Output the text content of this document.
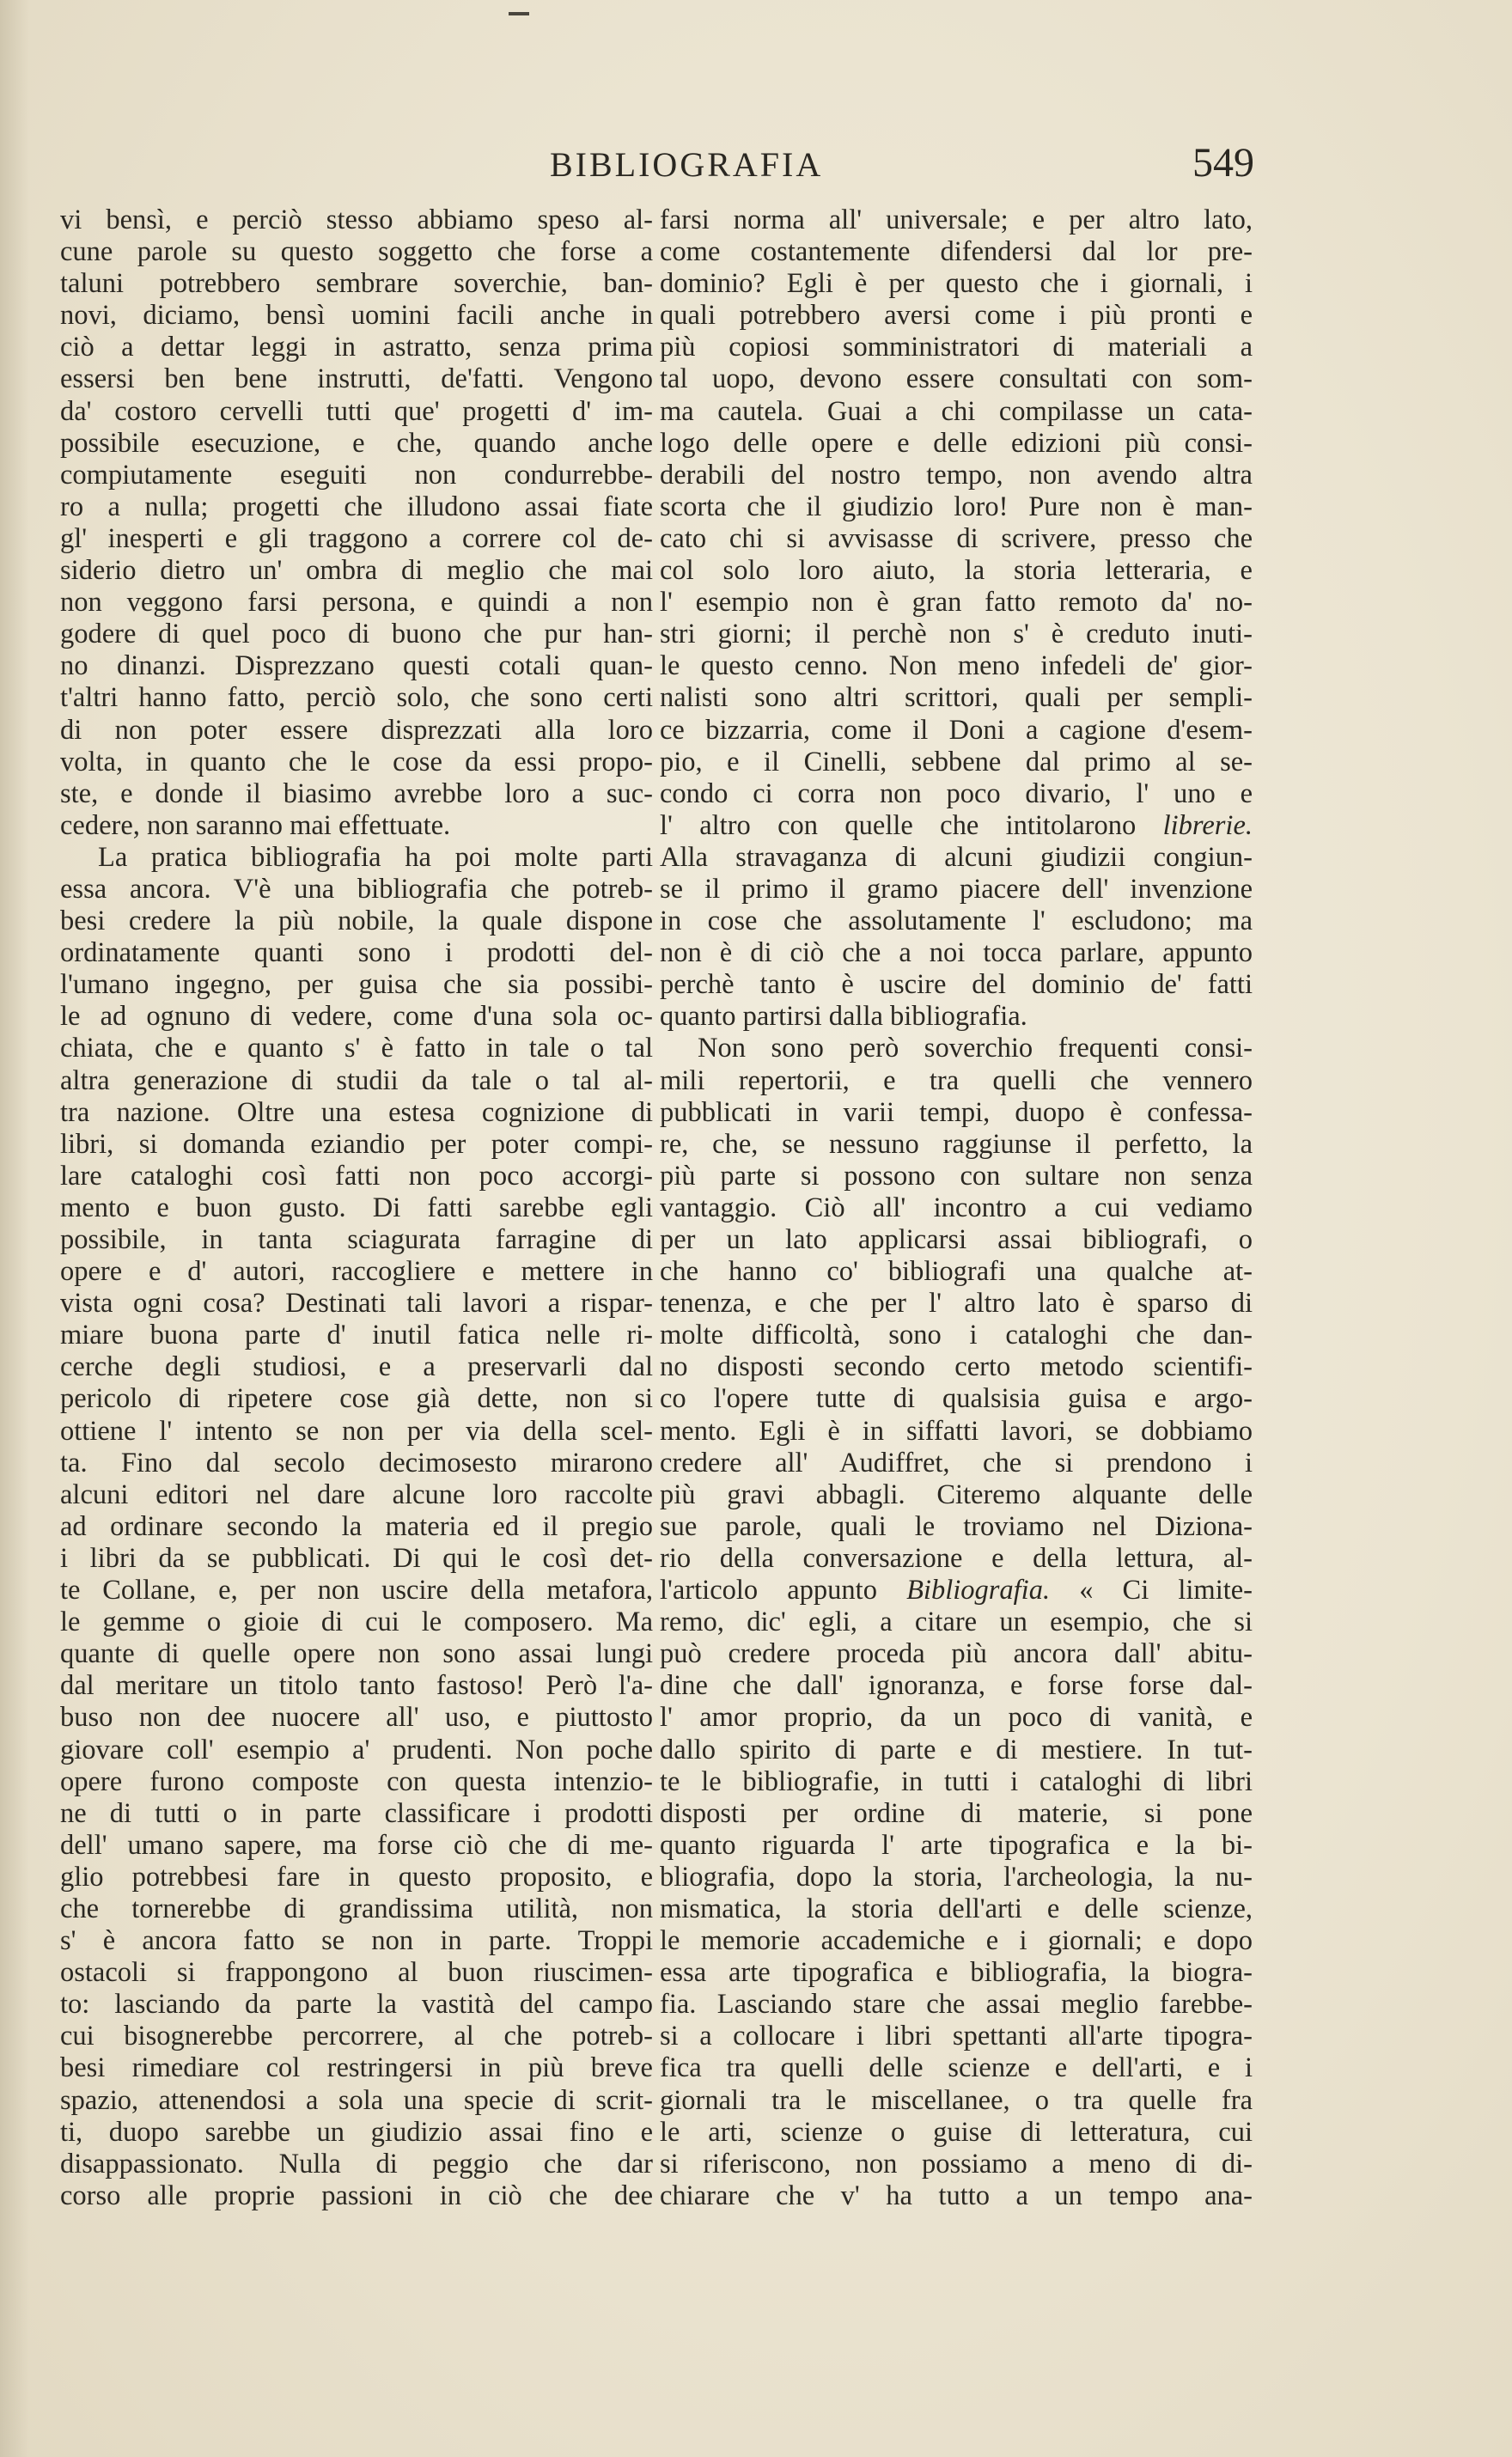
BIBLIOGRAFIA	549
vi bensì, e perciò stesso abbiamo speso al-
cune parole su questo soggetto che forse a
taluni potrebbero sembrare soverchie, ban-
novi, diciamo, bensì uomini facili anche in
ciò a dettar leggi in astratto, senza prima
essersi ben bene instrutti, de'fatti. Vengono
da' costoro cervelli tutti que' progetti d' im-
possibile esecuzione, e che, quando anche
compiutamente eseguiti non condurrebbe-
ro a nulla; progetti che illudono assai fiate
gl' inesperti e gli traggono a correre col de-
siderio dietro un' ombra di meglio che mai
non veggono farsi persona, e quindi a non
godere di quel poco di buono che pur han-
no dinanzi. Disprezzano questi cotali quan-
t'altri hanno fatto, perciò solo, che sono certi
di non poter essere disprezzati alla loro
volta, in quanto che le cose da essi propo-
ste, e donde il biasimo avrebbe loro a suc-
cedere, non saranno mai effettuate.
La pratica bibliografia ha poi molte parti
essa ancora. V'è una bibliografia che potreb-
besi credere la più nobile, la quale dispone
ordinatamente quanti sono i prodotti del-
l'umano ingegno, per guisa che sia possibi-
le ad ognuno di vedere, come d'una sola oc-
chiata, che e quanto s' è fatto in tale o tal
altra generazione di studii da tale o tal al-
tra nazione. Oltre una estesa cognizione di
libri, si domanda eziandio per poter compi-
lare cataloghi così fatti non poco accorgi-
mento e buon gusto. Di fatti sarebbe egli
possibile, in tanta sciagurata farragine di
opere e d' autori, raccogliere e mettere in
vista ogni cosa? Destinati tali lavori a rispar-
miare buona parte d' inutil fatica nelle ri-
cerche degli studiosi, e a preservarli dal
pericolo di ripetere cose già dette, non si
ottiene l' intento se non per via della scel-
ta. Fino dal secolo decimosesto mirarono
alcuni editori nel dare alcune loro raccolte
ad ordinare secondo la materia ed il pregio
i libri da se pubblicati. Di qui le così det-
te Collane, e, per non uscire della metafora,
le gemme o gioie di cui le composero. Ma
quante di quelle opere non sono assai lungi
dal meritare un titolo tanto fastoso! Però l'a-
buso non dee nuocere all' uso, e piuttosto
giovare coll' esempio a' prudenti. Non poche
opere furono composte con questa intenzio-
ne di tutti o in parte classificare i prodotti
dell' umano sapere, ma forse ciò che di me-
glio potrebbesi fare in questo proposito, e
che tornerebbe di grandissima utilità, non
s' è ancora fatto se non in parte. Troppi
ostacoli si frappongono al buon riuscimen-
to: lasciando da parte la vastità del campo
cui bisognerebbe percorrere, al che potreb-
besi rimediare col restringersi in più breve
spazio, attenendosi a sola una specie di scrit-
ti, duopo sarebbe un giudizio assai fino e
disappassionato. Nulla di peggio che dar
corso alle proprie passioni in ciò che dee
farsi norma all' universale; e per altro lato,
come costantemente difendersi dal lor pre-
dominio? Egli è per questo che i giornali, i
quali potrebbero aversi come i più pronti e
più copiosi somministratori di materiali a
tal uopo, devono essere consultati con som-
ma cautela. Guai a chi compilasse un cata-
logo delle opere e delle edizioni più consi-
derabili del nostro tempo, non avendo altra
scorta che il giudizio loro! Pure non è man-
cato chi si avvisasse di scrivere, presso che
col solo loro aiuto, la storia letteraria, e
l' esempio non è gran fatto remoto da' no-
stri giorni; il perchè non s' è creduto inuti-
le questo cenno. Non meno infedeli de' gior-
nalisti sono altri scrittori, quali per sempli-
ce bizzarria, come il Doni a cagione d'esem-
pio, e il Cinelli, sebbene dal primo al se-
condo ci corra non poco divario, l' uno e
l' altro con quelle che intitolarono librerie.
Alla stravaganza di alcuni giudizii congiun-
se il primo il gramo piacere dell' invenzione
in cose che assolutamente l' escludono; ma
non è di ciò che a noi tocca parlare, appunto
perchè tanto è uscire del dominio de' fatti
quanto partirsi dalla bibliografia.
Non sono però soverchio frequenti consi-
mili repertorii, e tra quelli che vennero
pubblicati in varii tempi, duopo è confessa-
re, che, se nessuno raggiunse il perfetto, la
più parte si possono con sultare non senza
vantaggio. Ciò all' incontro a cui vediamo
per un lato applicarsi assai bibliografi, o
che hanno co' bibliografi una qualche at-
tenenza, e che per l' altro lato è sparso di
molte difficoltà, sono i cataloghi che dan-
no disposti secondo certo metodo scientifi-
co l'opere tutte di qualsisia guisa e argo-
mento. Egli è in siffatti lavori, se dobbiamo
credere all' Audiffret, che si prendono i
più gravi abbagli. Citeremo alquante delle
sue parole, quali le troviamo nel Diziona-
rio della conversazione e della lettura, al-
l'articolo appunto Bibliografia. « Ci limite-
remo, dic' egli, a citare un esempio, che si
può credere proceda più ancora dall' abitu-
dine che dall' ignoranza, e forse forse dal-
l' amor proprio, da un poco di vanità, e
dallo spirito di parte e di mestiere. In tut-
te le bibliografie, in tutti i cataloghi di libri
disposti per ordine di materie, si pone
quanto riguarda l' arte tipografica e la bi-
bliografia, dopo la storia, l'archeologia, la nu-
mismatica, la storia dell'arti e delle scienze,
le memorie accademiche e i giornali; e dopo
essa arte tipografica e bibliografia, la biogra-
fia. Lasciando stare che assai meglio farebbe-
si a collocare i libri spettanti all'arte tipogra-
fica tra quelli delle scienze e dell'arti, e i
giornali tra le miscellanee, o tra quelle fra
le arti, scienze o guise di letteratura, cui
si riferiscono, non possiamo a meno di di-
chiarare che v' ha tutto a un tempo ana-
